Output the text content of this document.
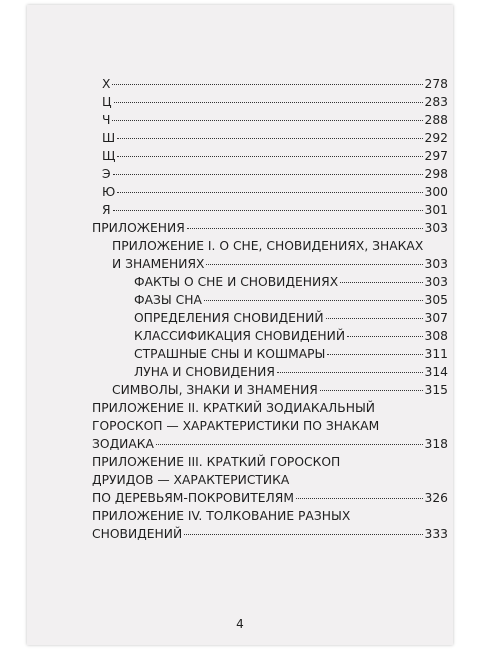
Х	278
Ц	283
Ч	288
Ш	292
Щ	297
Э	298
Ю	300
Я	301
ПРИЛОЖЕНИЯ	303
ПРИЛОЖЕНИЕ I. О СНЕ, СНОВИДЕНИЯХ, ЗНАКАХ
И ЗНАМЕНИЯХ	303
ФАКТЫ О СНЕ И СНОВИДЕНИЯХ	303
ФАЗЫ СНА	305
ОПРЕДЕЛЕНИЯ СНОВИДЕНИЙ	307
КЛАССИФИКАЦИЯ СНОВИДЕНИЙ	308
СТРАШНЫЕ СНЫ И КОШМАРЫ	311
ЛУНА И СНОВИДЕНИЯ	314
СИМВОЛЫ, ЗНАКИ И ЗНАМЕНИЯ	315
ПРИЛОЖЕНИЕ II. КРАТКИЙ ЗОДИАКАЛЬНЫЙ
ГОРОСКОП — ХАРАКТЕРИСТИКИ ПО ЗНАКАМ
ЗОДИАКА	318
ПРИЛОЖЕНИЕ III. КРАТКИЙ ГОРОСКОП
ДРУИДОВ — ХАРАКТЕРИСТИКА
ПО ДЕРЕВЬЯМ-ПОКРОВИТЕЛЯМ	326
ПРИЛОЖЕНИЕ IV. ТОЛКОВАНИЕ РАЗНЫХ
СНОВИДЕНИЙ	333
4
